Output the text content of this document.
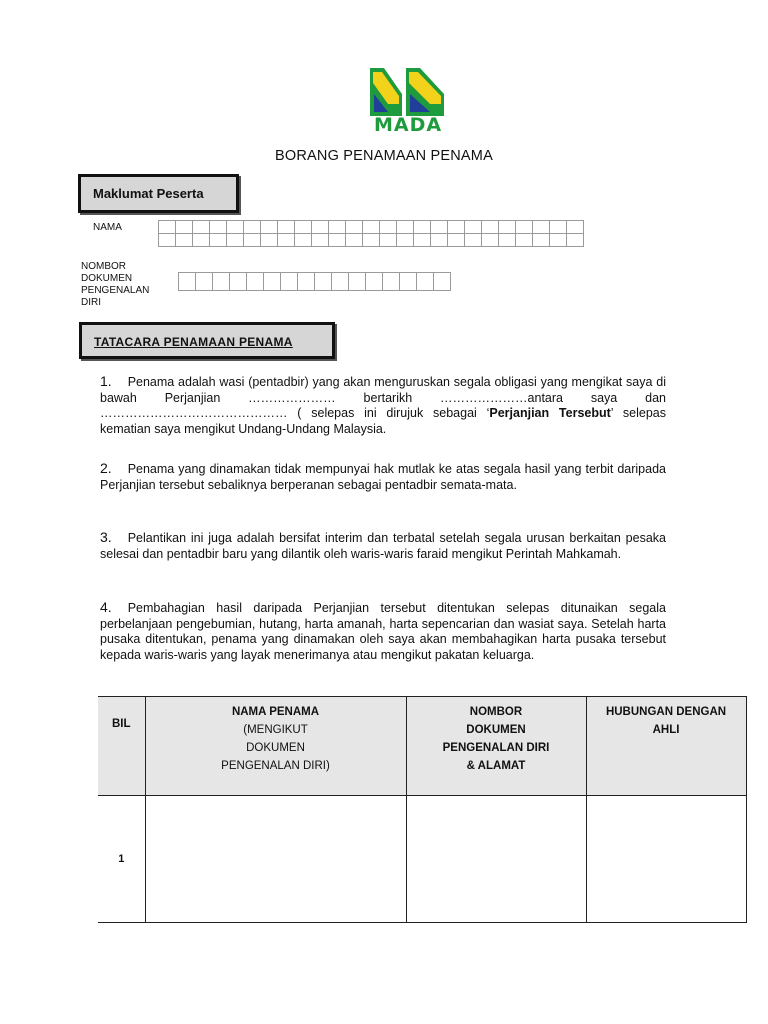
MADA
BORANG PENAMAAN PENAMA
Maklumat Peserta
NAMA

NOMBOR
DOKUMEN
PENGENALAN
DIRI

TATACARA PENAMAAN PENAMA
1. Penama adalah wasi (pentadbir) yang akan menguruskan segala obligasi yang mengikat saya di bawah Perjanjian ………………… bertarikh …………………antara saya dan ……………………………………… ( selepas ini dirujuk sebagai ‘Perjanjian Tersebut’ selepas kematian saya mengikut Undang-Undang Malaysia.
2. Penama yang dinamakan tidak mempunyai hak mutlak ke atas segala hasil yang terbit daripada Perjanjian tersebut sebaliknya berperanan sebagai pentadbir semata-mata.
3. Pelantikan ini juga adalah bersifat interim dan terbatal setelah segala urusan berkaitan pesaka selesai dan pentadbir baru yang dilantik oleh waris-waris faraid mengikut Perintah Mahkamah.
4. Pembahagian hasil daripada Perjanjian tersebut ditentukan selepas ditunaikan segala perbelanjaan pengebumian, hutang, harta amanah, harta sepencarian dan wasiat saya. Setelah harta pusaka ditentukan, penama yang dinamakan oleh saya akan membahagikan harta pusaka tersebut kepada waris-waris yang layak menerimanya atau mengikut pakatan keluarga.
BIL	NAMA PENAMA
(MENGIKUT
DOKUMEN
PENGENALAN DIRI)	NOMBOR
DOKUMEN
PENGENALAN DIRI
& ALAMAT	HUBUNGAN DENGAN
AHLI

1			
